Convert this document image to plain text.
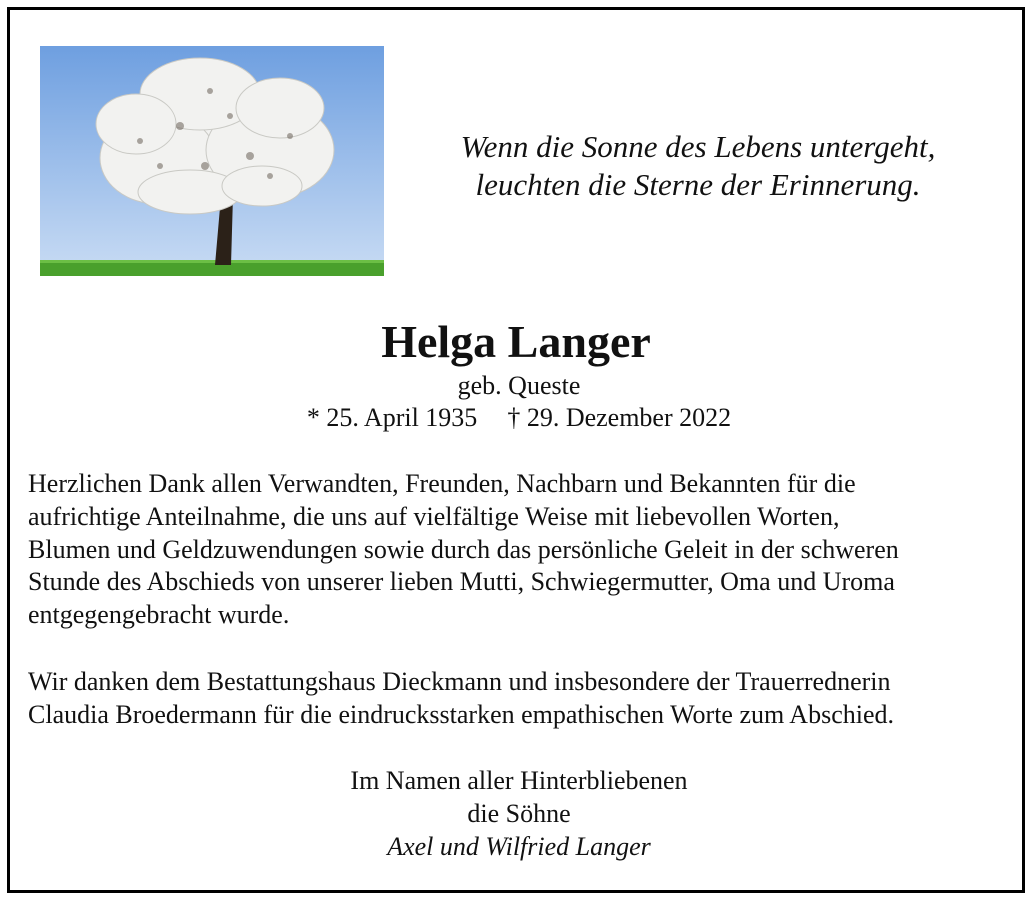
Wenn die Sonne des Lebens untergeht,
leuchten die Sterne der Erinnerung.
Helga Langer
geb. Queste
* 25. April 1935 † 29. Dezember 2022
Herzlichen Dank allen Verwandten, Freunden, Nachbarn und Bekannten für die
aufrichtige Anteilnahme, die uns auf vielfältige Weise mit liebevollen Worten,
Blumen und Geldzuwendungen sowie durch das persönliche Geleit in der schweren
Stunde des Abschieds von unserer lieben Mutti, Schwiegermutter, Oma und Uroma
entgegengebracht wurde.
Wir danken dem Bestattungshaus Dieckmann und insbesondere der Trauerrednerin
Claudia Broedermann für die eindrucksstarken empathischen Worte zum Abschied.
Im Namen aller Hinterbliebenen
die Söhne
Axel und Wilfried Langer
